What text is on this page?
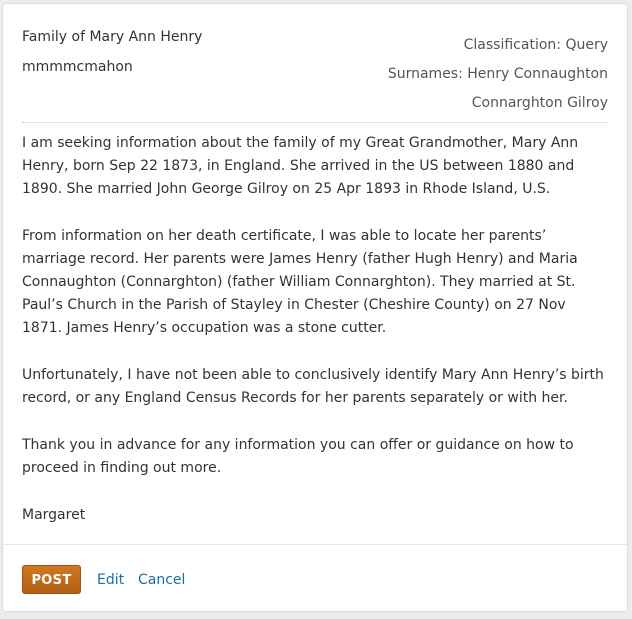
Family of Mary Ann Henry
mmmmcmahon
Classification: Query
Surnames: Henry Connaughton
Connarghton Gilroy

I am seeking information about the family of my Great Grandmother, Mary Ann Henry, born Sep 22 1873, in England. She arrived in the US between 1880 and 1890. She married John George Gilroy on 25 Apr 1893 in Rhode Island, U.S.

From information on her death certificate, I was able to locate her parents’ marriage record. Her parents were James Henry (father Hugh Henry) and Maria Connaughton (Connarghton) (father William Connarghton). They married at St. Paul’s Church in the Parish of Stayley in Chester (Cheshire County) on 27 Nov 1871. James Henry’s occupation was a stone cutter.

Unfortunately, I have not been able to conclusively identify Mary Ann Henry’s birth record, or any England Census Records for her parents separately or with her.

Thank you in advance for any information you can offer or guidance on how to proceed in finding out more.

Margaret

POST	Edit Cancel
